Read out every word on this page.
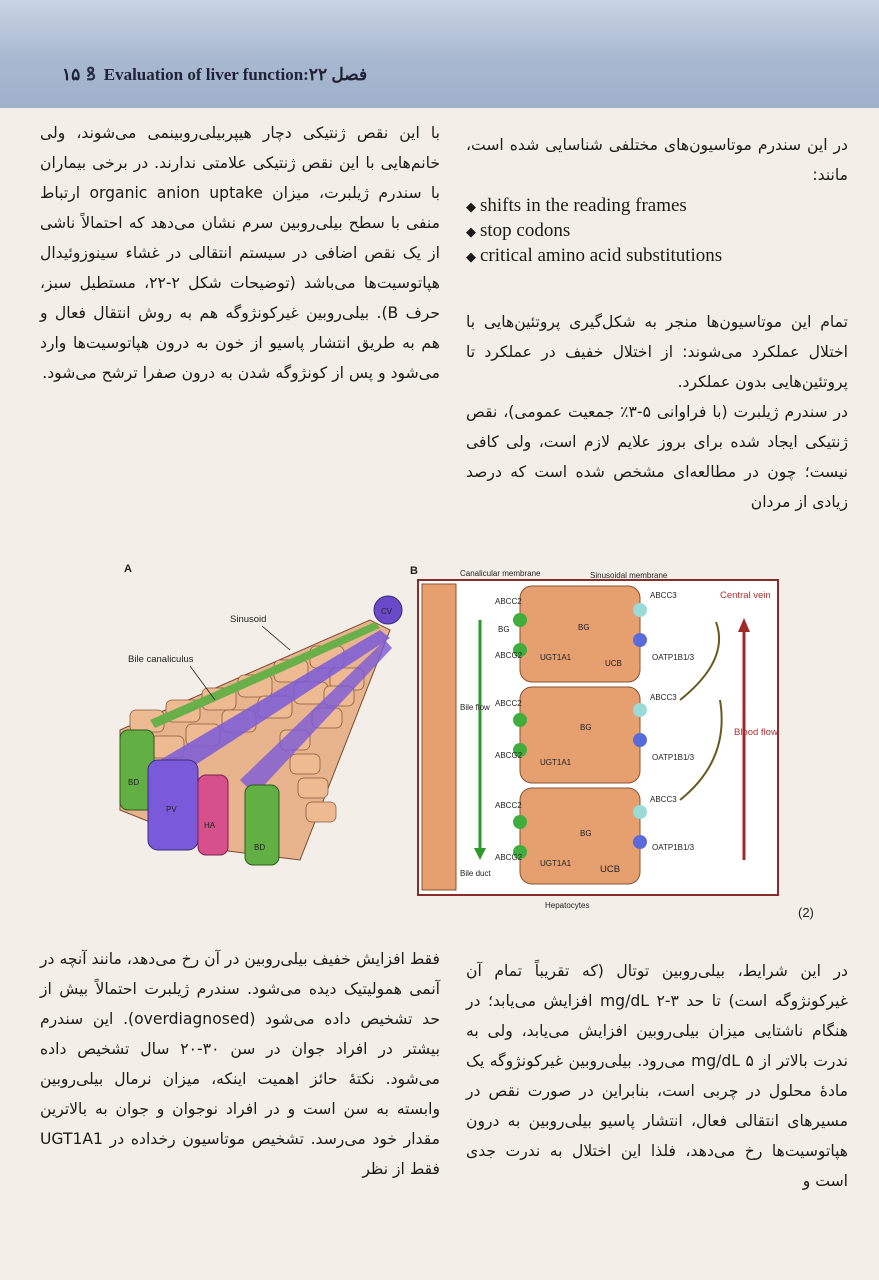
۱۵ ꝸ Evaluation of liver function:فصل ۲۲

در این سندرم موتاسیون‌های مختلفی شناسایی شده است، مانند:

◆ shifts in the reading frames
◆ stop codons
◆ critical amino acid substitutions

تمام این موتاسیون‌ها منجر به شکل‌گیری پروتئین‌هایی با اختلال عملکرد می‌شوند: از اختلال خفیف در عملکرد تا پروتئین‌هایی بدون عملکرد.

در سندرم ژیلبرت (با فراوانی ۵-۳٪ جمعیت عمومی)، نقص ژنتیکی ایجاد شده برای بروز علایم لازم است، ولی کافی نیست؛ چون در مطالعه‌ای مشخص شده است که درصد زیادی از مردان

با این نقص ژنتیکی دچار هیپربیلی‌روبینمی می‌شوند، ولی خانم‌هایی با این نقص ژنتیکی علامتی ندارند. در برخی بیماران با سندرم ژیلبرت، میزان organic anion uptake ارتباط منفی با سطح بیلی‌روبین سرم نشان می‌دهد که احتمالاً ناشی از یک نقص اضافی در سیستم انتقالی در غشاء سینوزوئیدال هپاتوسیت‌ها می‌باشد (توضیحات شکل ۲-۲۲، مستطیل سبز، حرف B). بیلی‌روبین غیرکونژوگه هم به روش انتقال فعال و هم به طریق انتشار پاسیو از خون به درون هپاتوسیت‌ها وارد می‌شود و پس از کونژوگه شدن به درون صفرا ترشح می‌شود.

A
CV
BD
PV
HA
BD
Sinusoid
Bile canaliculus
B	Canalicular membrane	Sinusoidal membrane
Bile flow
Bile duct
ABCC2
BG
ABCG2 UGT1A1
BG
ABCC3
OATP1B1/3
UCB
ABCC2
ABCG2
BG
ABCC3
OATP1B1/3
UGT1A1
ABCC2
ABCG2
BG
UGT1A1
ABCC3
OATP1B1/3
UCB
Central vein
Blood flow
Hepatocytes	(2)

در این شرایط، بیلی‌روبین توتال (که تقریباً تمام آن غیرکونژوگه است) تا حد ۳-۲ mg/dL افزایش می‌یابد؛ در هنگام ناشتایی میزان بیلی‌روبین افزایش می‌یابد، ولی به ندرت بالاتر از ۵ mg/dL می‌رود. بیلی‌روبین غیرکونژوگه یک مادهٔ محلول در چربی است، بنابراین در صورت نقص در مسیرهای انتقالی فعال، انتشار پاسیو بیلی‌روبین به درون هپاتوسیت‌ها رخ می‌دهد، فلذا این اختلال به ندرت جدی است و

فقط افزایش خفیف بیلی‌روبین در آن رخ می‌دهد، مانند آنچه در آنمی همولیتیک دیده می‌شود. سندرم ژیلبرت احتمالاً بیش از حد تشخیص داده می‌شود (overdiagnosed). این سندرم بیشتر در افراد جوان در سن ۳۰-۲۰ سال تشخیص داده می‌شود. نکتهٔ حائز اهمیت اینکه، میزان نرمال بیلی‌روبین وابسته به سن است و در افراد نوجوان و جوان به بالاترین مقدار خود می‌رسد. تشخیص موتاسیون رخداده در UGT1A1 فقط از نظر
